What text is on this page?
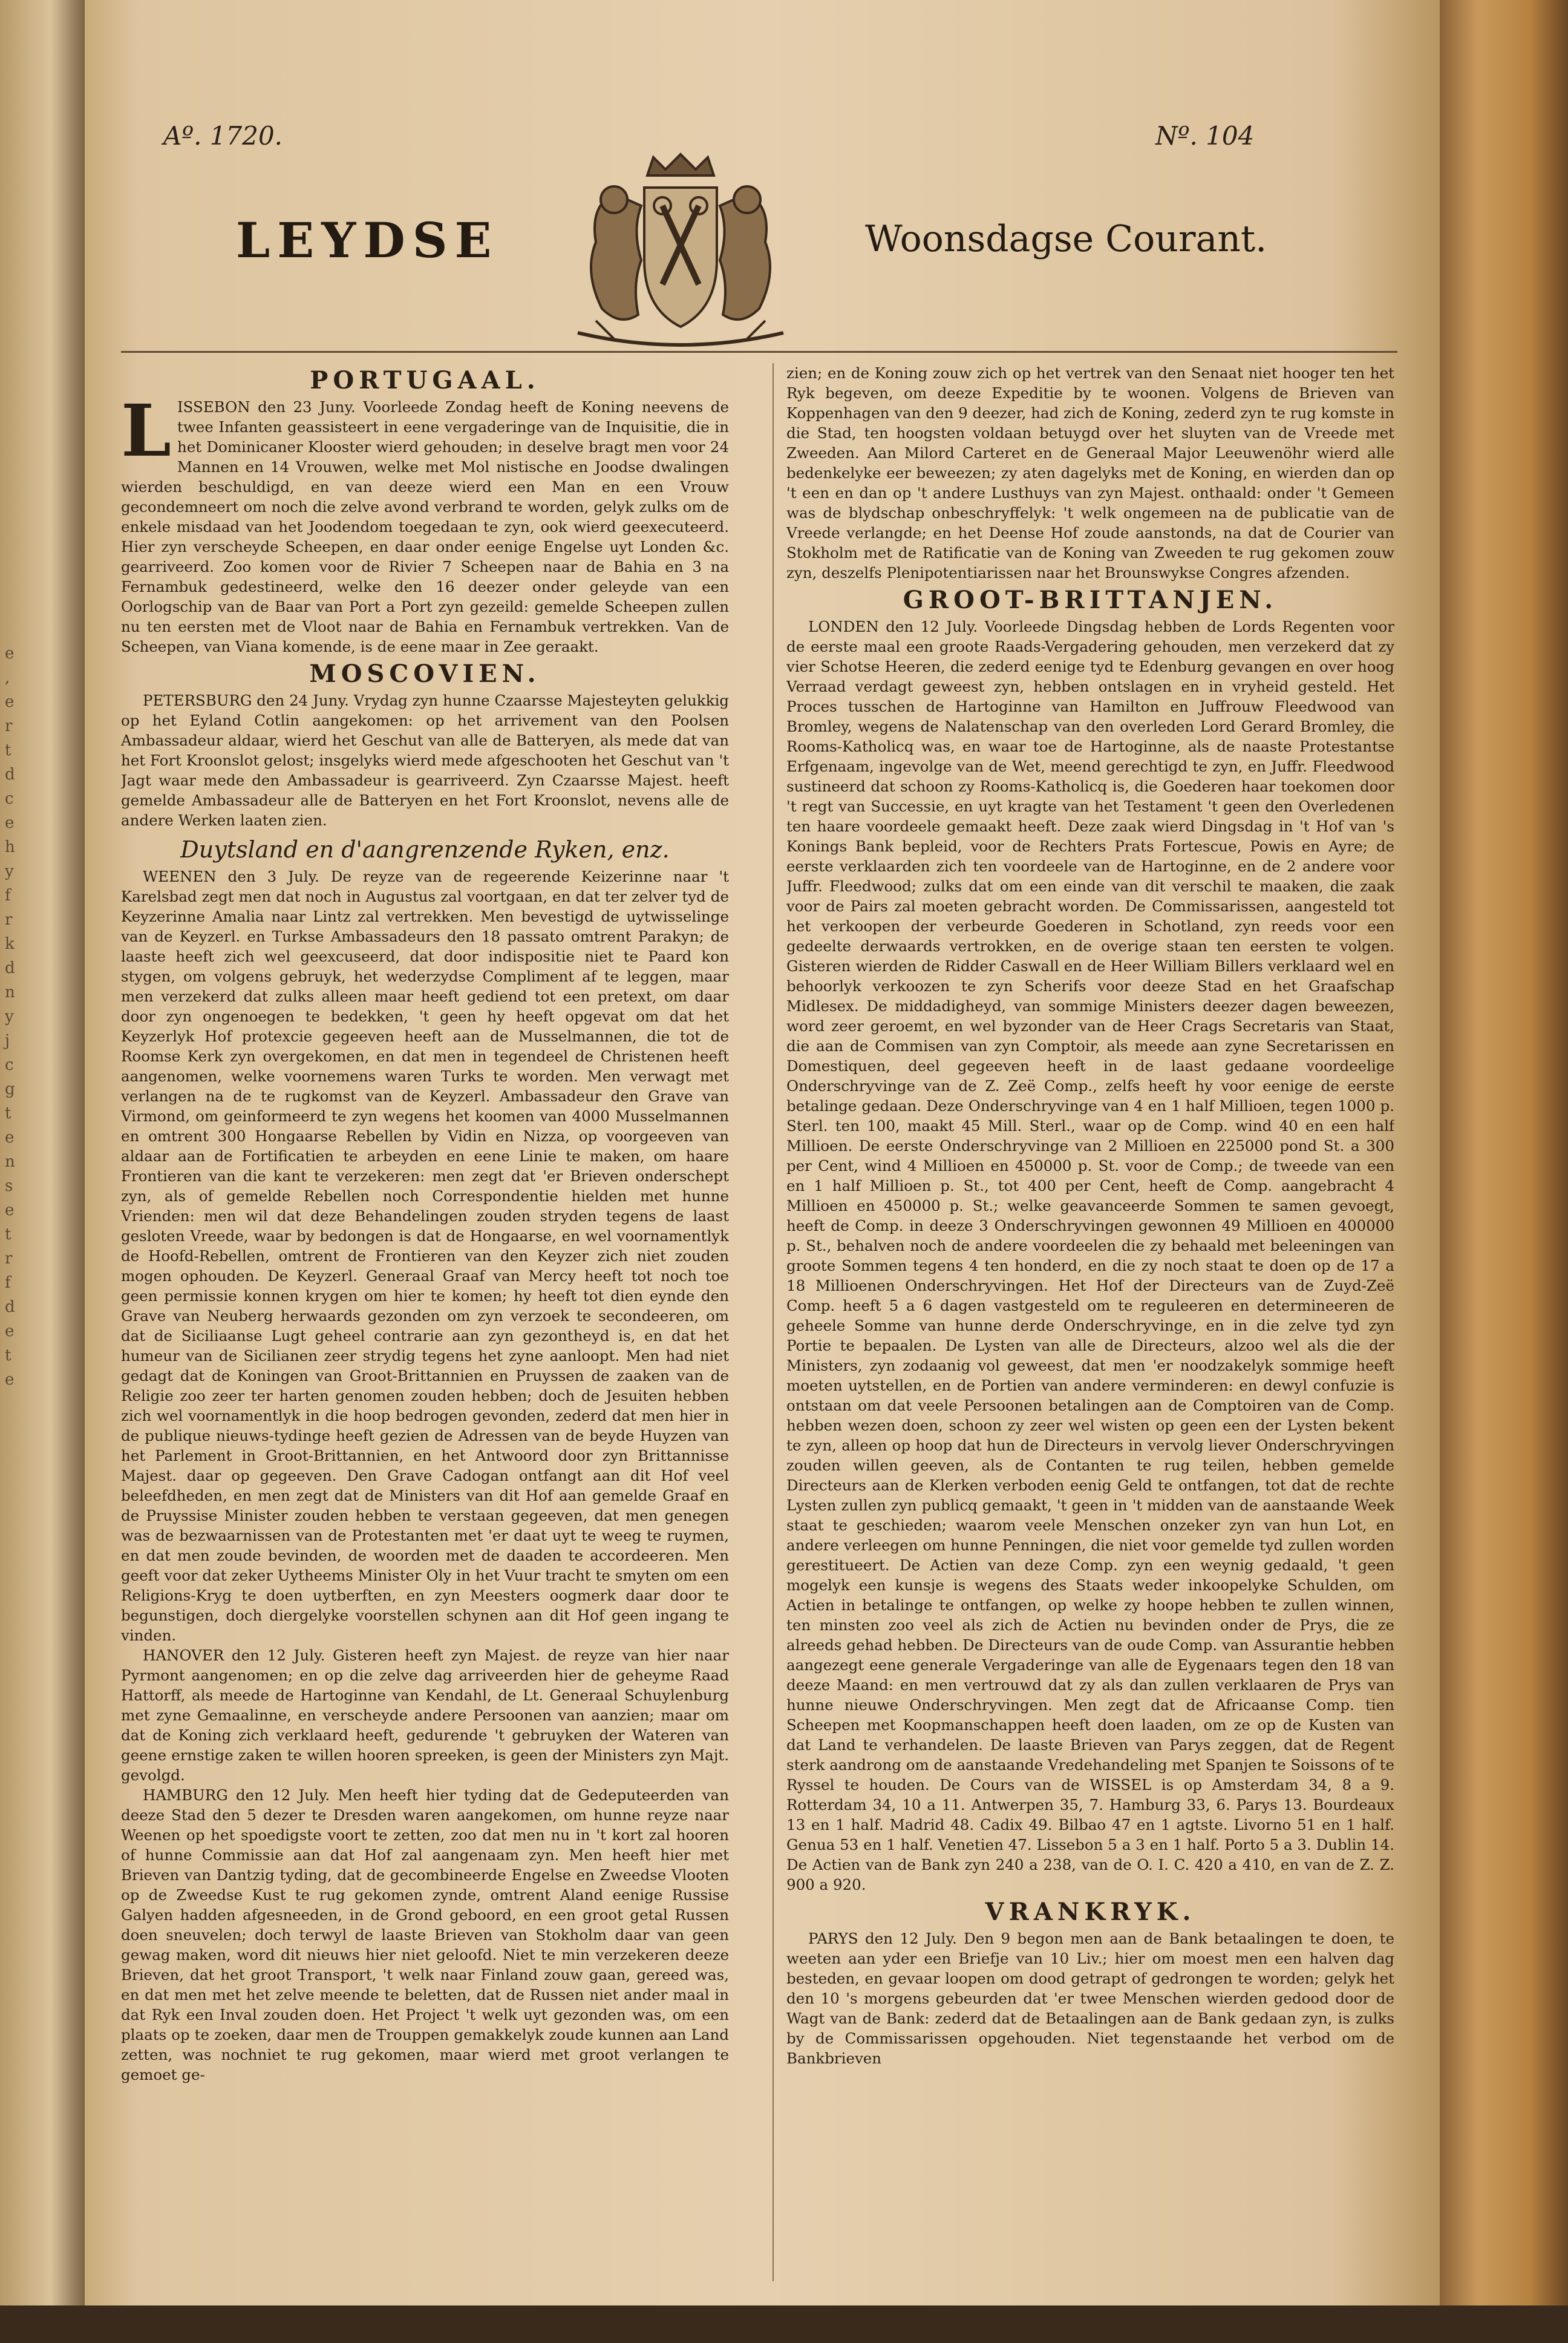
e
,
e
r
t
d
c
e
h
y
f
r
k
d
n
y
j
c
g
t
e
n
s
e
t
r
f
d
e
t
e
Aº. 1720.	Nº. 104
LEYDSE	Woonsdagse Courant.
PORTUGAAL.

LISSEBON den 23 Juny. Voorleede Zondag heeft de Koning neevens de twee Infanten geassisteert in eene vergaderinge van de Inquisitie, die in het Dominicaner Klooster wierd gehouden; in deselve bragt men voor 24 Mannen en 14 Vrouwen, welke met Mol nistische en Joodse dwalingen wierden beschuldigd, en van deeze wierd een Man en een Vrouw gecondemneert om noch die zelve avond verbrand te worden, gelyk zulks om de enkele misdaad van het Joodendom toegedaan te zyn, ook wierd geexecuteerd. Hier zyn verscheyde Scheepen, en daar onder eenige Engelse uyt Londen &c. gearriveerd. Zoo komen voor de Rivier 7 Scheepen naar de Bahia en 3 na Fernambuk gedestineerd, welke den 16 deezer onder geleyde van een Oorlogschip van de Baar van Port a Port zyn gezeild: gemelde Scheepen zullen nu ten eersten met de Vloot naar de Bahia en Fernambuk vertrekken. Van de Scheepen, van Viana komende, is de eene maar in Zee geraakt.

MOSCOVIEN.

PETERSBURG den 24 Juny. Vrydag zyn hunne Czaarsse Majesteyten gelukkig op het Eyland Cotlin aangekomen: op het arrivement van den Poolsen Ambassadeur aldaar, wierd het Geschut van alle de Batteryen, als mede dat van het Fort Kroonslot gelost; insgelyks wierd mede afgeschooten het Geschut van 't Jagt waar mede den Ambassadeur is gearriveerd. Zyn Czaarsse Majest. heeft gemelde Ambassadeur alle de Batteryen en het Fort Kroonslot, nevens alle de andere Werken laaten zien.

Duytsland en d'aangrenzende Ryken, enz.

WEENEN den 3 July. De reyze van de regeerende Keizerinne naar 't Karelsbad zegt men dat noch in Augustus zal voortgaan, en dat ter zelver tyd de Keyzerinne Amalia naar Lintz zal vertrekken. Men bevestigd de uytwisselinge van de Keyzerl. en Turkse Ambassadeurs den 18 passato omtrent Parakyn; de laaste heeft zich wel geexcuseerd, dat door indispositie niet te Paard kon stygen, om volgens gebruyk, het wederzydse Compliment af te leggen, maar men verzekerd dat zulks alleen maar heeft gediend tot een pretext, om daar door zyn ongenoegen te bedekken, 't geen hy heeft opgevat om dat het Keyzerlyk Hof protexcie gegeeven heeft aan de Musselmannen, die tot de Roomse Kerk zyn overgekomen, en dat men in tegendeel de Christenen heeft aangenomen, welke voornemens waren Turks te worden. Men verwagt met verlangen na de te rugkomst van de Keyzerl. Ambassadeur den Grave van Virmond, om geinformeerd te zyn wegens het koomen van 4000 Musselmannen en omtrent 300 Hongaarse Rebellen by Vidin en Nizza, op voorgeeven van aldaar aan de Fortificatien te arbeyden en eene Linie te maken, om haare Frontieren van die kant te verzekeren: men zegt dat 'er Brieven onderschept zyn, als of gemelde Rebellen noch Correspondentie hielden met hunne Vrienden: men wil dat deze Behandelingen zouden stryden tegens de laast gesloten Vreede, waar by bedongen is dat de Hongaarse, en wel voornamentlyk de Hoofd-Rebellen, omtrent de Frontieren van den Keyzer zich niet zouden mogen ophouden. De Keyzerl. Generaal Graaf van Mercy heeft tot noch toe geen permissie konnen krygen om hier te komen; hy heeft tot dien eynde den Grave van Neuberg herwaards gezonden om zyn verzoek te secondeeren, om dat de Siciliaanse Lugt geheel contrarie aan zyn gezontheyd is, en dat het humeur van de Sicilianen zeer strydig tegens het zyne aanloopt. Men had niet gedagt dat de Koningen van Groot-Brittannien en Pruyssen de zaaken van de Religie zoo zeer ter harten genomen zouden hebben; doch de Jesuiten hebben zich wel voornamentlyk in die hoop bedrogen gevonden, zederd dat men hier in de publique nieuws-tydinge heeft gezien de Adressen van de beyde Huyzen van het Parlement in Groot-Brittannien, en het Antwoord door zyn Brittannisse Majest. daar op gegeeven. Den Grave Cadogan ontfangt aan dit Hof veel beleefdheden, en men zegt dat de Ministers van dit Hof aan gemelde Graaf en de Pruyssise Minister zouden hebben te verstaan gegeeven, dat men genegen was de bezwaarnissen van de Protestanten met 'er daat uyt te weeg te ruymen, en dat men zoude bevinden, de woorden met de daaden te accordeeren. Men geeft voor dat zeker Uytheems Minister Oly in het Vuur tracht te smyten om een Religions-Kryg te doen uytberften, en zyn Meesters oogmerk daar door te begunstigen, doch diergelyke voorstellen schynen aan dit Hof geen ingang te vinden.

HANOVER den 12 July. Gisteren heeft zyn Majest. de reyze van hier naar Pyrmont aangenomen; en op die zelve dag arriveerden hier de geheyme Raad Hattorff, als meede de Hartoginne van Kendahl, de Lt. Generaal Schuylenburg met zyne Gemaalinne, en verscheyde andere Persoonen van aanzien; maar om dat de Koning zich verklaard heeft, gedurende 't gebruyken der Wateren van geene ernstige zaken te willen hooren spreeken, is geen der Ministers zyn Majt. gevolgd.

HAMBURG den 12 July. Men heeft hier tyding dat de Gedeputeerden van deeze Stad den 5 dezer te Dresden waren aangekomen, om hunne reyze naar Weenen op het spoedigste voort te zetten, zoo dat men nu in 't kort zal hooren of hunne Commissie aan dat Hof zal aangenaam zyn. Men heeft hier met Brieven van Dantzig tyding, dat de gecombineerde Engelse en Zweedse Vlooten op de Zweedse Kust te rug gekomen zynde, omtrent Aland eenige Russise Galyen hadden afgesneeden, in de Grond geboord, en een groot getal Russen doen sneuvelen; doch terwyl de laaste Brieven van Stokholm daar van geen gewag maken, word dit nieuws hier niet geloofd. Niet te min verzekeren deeze Brieven, dat het groot Transport, 't welk naar Finland zouw gaan, gereed was, en dat men met het zelve meende te beletten, dat de Russen niet ander maal in dat Ryk een Inval zouden doen. Het Project 't welk uyt gezonden was, om een plaats op te zoeken, daar men de Trouppen gemakkelyk zoude kunnen aan Land zetten, was nochniet te rug gekomen, maar wierd met groot verlangen te gemoet ge-

zien; en de Koning zouw zich op het vertrek van den Senaat niet hooger ten het Ryk begeven, om deeze Expeditie by te woonen. Volgens de Brieven van Koppenhagen van den 9 deezer, had zich de Koning, zederd zyn te rug komste in die Stad, ten hoogsten voldaan betuygd over het sluyten van de Vreede met Zweeden. Aan Milord Carteret en de Generaal Major Leeuwenöhr wierd alle bedenkelyke eer beweezen; zy aten dagelyks met de Koning, en wierden dan op 't een en dan op 't andere Lusthuys van zyn Majest. onthaald: onder 't Gemeen was de blydschap onbeschryffelyk: 't welk ongemeen na de publicatie van de Vreede verlangde; en het Deense Hof zoude aanstonds, na dat de Courier van Stokholm met de Ratificatie van de Koning van Zweeden te rug gekomen zouw zyn, deszelfs Plenipotentiarissen naar het Brounswykse Congres afzenden.

GROOT-BRITTANJEN.

LONDEN den 12 July. Voorleede Dingsdag hebben de Lords Regenten voor de eerste maal een groote Raads-Vergadering gehouden, men verzekerd dat zy vier Schotse Heeren, die zederd eenige tyd te Edenburg gevangen en over hoog Verraad verdagt geweest zyn, hebben ontslagen en in vryheid gesteld. Het Proces tusschen de Hartoginne van Hamilton en Juffrouw Fleedwood van Bromley, wegens de Nalatenschap van den overleden Lord Gerard Bromley, die Rooms-Katholicq was, en waar toe de Hartoginne, als de naaste Protestantse Erfgenaam, ingevolge van de Wet, meend gerechtigd te zyn, en Juffr. Fleedwood sustineerd dat schoon zy Rooms-Katholicq is, die Goederen haar toekomen door 't regt van Successie, en uyt kragte van het Testament 't geen den Overledenen ten haare voordeele gemaakt heeft. Deze zaak wierd Dingsdag in 't Hof van 's Konings Bank bepleid, voor de Rechters Prats Fortescue, Powis en Ayre; de eerste verklaarden zich ten voordeele van de Hartoginne, en de 2 andere voor Juffr. Fleedwood; zulks dat om een einde van dit verschil te maaken, die zaak voor de Pairs zal moeten gebracht worden. De Commissarissen, aangesteld tot het verkoopen der verbeurde Goederen in Schotland, zyn reeds voor een gedeelte derwaards vertrokken, en de overige staan ten eersten te volgen. Gisteren wierden de Ridder Caswall en de Heer William Billers verklaard wel en behoorlyk verkoozen te zyn Scherifs voor deeze Stad en het Graafschap Midlesex. De middadigheyd, van sommige Ministers deezer dagen beweezen, word zeer geroemt, en wel byzonder van de Heer Crags Secretaris van Staat, die aan de Commisen van zyn Comptoir, als meede aan zyne Secretarissen en Domestiquen, deel gegeeven heeft in de laast gedaane voordeelige Onderschryvinge van de Z. Zeë Comp., zelfs heeft hy voor eenige de eerste betalinge gedaan. Deze Onderschryvinge van 4 en 1 half Millioen, tegen 1000 p. Sterl. ten 100, maakt 45 Mill. Sterl., waar op de Comp. wind 40 en een half Millioen. De eerste Onderschryvinge van 2 Millioen en 225000 pond St. a 300 per Cent, wind 4 Millioen en 450000 p. St. voor de Comp.; de tweede van een en 1 half Millioen p. St., tot 400 per Cent, heeft de Comp. aangebracht 4 Millioen en 450000 p. St.; welke geavanceerde Sommen te samen gevoegt, heeft de Comp. in deeze 3 Onderschryvingen gewonnen 49 Millioen en 400000 p. St., behalven noch de andere voordeelen die zy behaald met beleeningen van groote Sommen tegens 4 ten honderd, en die zy noch staat te doen op de 17 a 18 Millioenen Onderschryvingen. Het Hof der Directeurs van de Zuyd-Zeë Comp. heeft 5 a 6 dagen vastgesteld om te reguleeren en determineeren de geheele Somme van hunne derde Onderschryvinge, en in die zelve tyd zyn Portie te bepaalen. De Lysten van alle de Directeurs, alzoo wel als die der Ministers, zyn zodaanig vol geweest, dat men 'er noodzakelyk sommige heeft moeten uytstellen, en de Portien van andere verminderen: en dewyl confuzie is ontstaan om dat veele Persoonen betalingen aan de Comptoiren van de Comp. hebben wezen doen, schoon zy zeer wel wisten op geen een der Lysten bekent te zyn, alleen op hoop dat hun de Directeurs in vervolg liever Onderschryvingen zouden willen geeven, als de Contanten te rug teilen, hebben gemelde Directeurs aan de Klerken verboden eenig Geld te ontfangen, tot dat de rechte Lysten zullen zyn publicq gemaakt, 't geen in 't midden van de aanstaande Week staat te geschieden; waarom veele Menschen onzeker zyn van hun Lot, en andere verleegen om hunne Penningen, die niet voor gemelde tyd zullen worden gerestitueert. De Actien van deze Comp. zyn een weynig gedaald, 't geen mogelyk een kunsje is wegens des Staats weder inkoopelyke Schulden, om Actien in betalinge te ontfangen, op welke zy hoope hebben te zullen winnen, ten minsten zoo veel als zich de Actien nu bevinden onder de Prys, die ze alreeds gehad hebben. De Directeurs van de oude Comp. van Assurantie hebben aangezegt eene generale Vergaderinge van alle de Eygenaars tegen den 18 van deeze Maand: en men vertrouwd dat zy als dan zullen verklaaren de Prys van hunne nieuwe Onderschryvingen. Men zegt dat de Africaanse Comp. tien Scheepen met Koopmanschappen heeft doen laaden, om ze op de Kusten van dat Land te verhandelen. De laaste Brieven van Parys zeggen, dat de Regent sterk aandrong om de aanstaande Vredehandeling met Spanjen te Soissons of te Ryssel te houden. De Cours van de WISSEL is op Amsterdam 34, 8 a 9. Rotterdam 34, 10 a 11. Antwerpen 35, 7. Hamburg 33, 6. Parys 13. Bourdeaux 13 en 1 half. Madrid 48. Cadix 49. Bilbao 47 en 1 agtste. Livorno 51 en 1 half. Genua 53 en 1 half. Venetien 47. Lissebon 5 a 3 en 1 half. Porto 5 a 3. Dublin 14. De Actien van de Bank zyn 240 a 238, van de O. I. C. 420 a 410, en van de Z. Z. 900 a 920.

VRANKRYK.

PARYS den 12 July. Den 9 begon men aan de Bank betaalingen te doen, te weeten aan yder een Briefje van 10 Liv.; hier om moest men een halven dag besteden, en gevaar loopen om dood getrapt of gedrongen te worden; gelyk het den 10 's morgens gebeurden dat 'er twee Menschen wierden gedood door de Wagt van de Bank: zederd dat de Betaalingen aan de Bank gedaan zyn, is zulks by de Commissarissen opgehouden. Niet tegenstaande het verbod om de Bankbrieven
